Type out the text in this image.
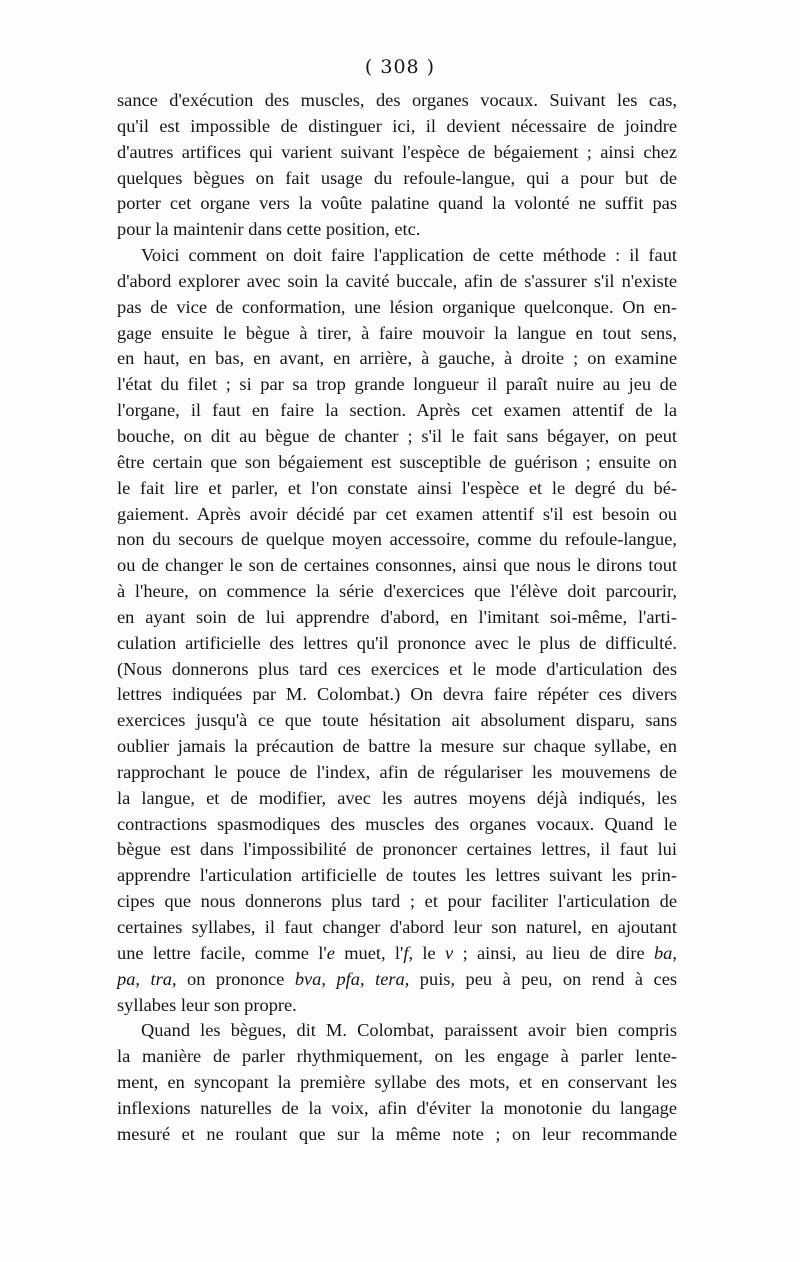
( 308 )
sance d'exécution des muscles, des organes vocaux. Suivant les cas,
qu'il est impossible de distinguer ici, il devient nécessaire de joindre
d'autres artifices qui varient suivant l'espèce de bégaiement ; ainsi chez
quelques bègues on fait usage du refoule-langue, qui a pour but de
porter cet organe vers la voûte palatine quand la volonté ne suffit pas
pour la maintenir dans cette position, etc.
Voici comment on doit faire l'application de cette méthode : il faut
d'abord explorer avec soin la cavité buccale, afin de s'assurer s'il n'existe
pas de vice de conformation, une lésion organique quelconque. On en-
gage ensuite le bègue à tirer, à faire mouvoir la langue en tout sens,
en haut, en bas, en avant, en arrière, à gauche, à droite ; on examine
l'état du filet ; si par sa trop grande longueur il paraît nuire au jeu de
l'organe, il faut en faire la section. Après cet examen attentif de la
bouche, on dit au bègue de chanter ; s'il le fait sans bégayer, on peut
être certain que son bégaiement est susceptible de guérison ; ensuite on
le fait lire et parler, et l'on constate ainsi l'espèce et le degré du bé-
gaiement. Après avoir décidé par cet examen attentif s'il est besoin ou
non du secours de quelque moyen accessoire, comme du refoule-langue,
ou de changer le son de certaines consonnes, ainsi que nous le dirons tout
à l'heure, on commence la série d'exercices que l'élève doit parcourir,
en ayant soin de lui apprendre d'abord, en l'imitant soi-même, l'arti-
culation artificielle des lettres qu'il prononce avec le plus de difficulté.
(Nous donnerons plus tard ces exercices et le mode d'articulation des
lettres indiquées par M. Colombat.) On devra faire répéter ces divers
exercices jusqu'à ce que toute hésitation ait absolument disparu, sans
oublier jamais la précaution de battre la mesure sur chaque syllabe, en
rapprochant le pouce de l'index, afin de régulariser les mouvemens de
la langue, et de modifier, avec les autres moyens déjà indiqués, les
contractions spasmodiques des muscles des organes vocaux. Quand le
bègue est dans l'impossibilité de prononcer certaines lettres, il faut lui
apprendre l'articulation artificielle de toutes les lettres suivant les prin-
cipes que nous donnerons plus tard ; et pour faciliter l'articulation de
certaines syllabes, il faut changer d'abord leur son naturel, en ajoutant
une lettre facile, comme l'e muet, l'f, le v ; ainsi, au lieu de dire ba,
pa, tra, on prononce bva, pfa, tera, puis, peu à peu, on rend à ces
syllabes leur son propre.
Quand les bègues, dit M. Colombat, paraissent avoir bien compris
la manière de parler rhythmiquement, on les engage à parler lente-
ment, en syncopant la première syllabe des mots, et en conservant les
inflexions naturelles de la voix, afin d'éviter la monotonie du langage
mesuré et ne roulant que sur la même note ; on leur recommande
